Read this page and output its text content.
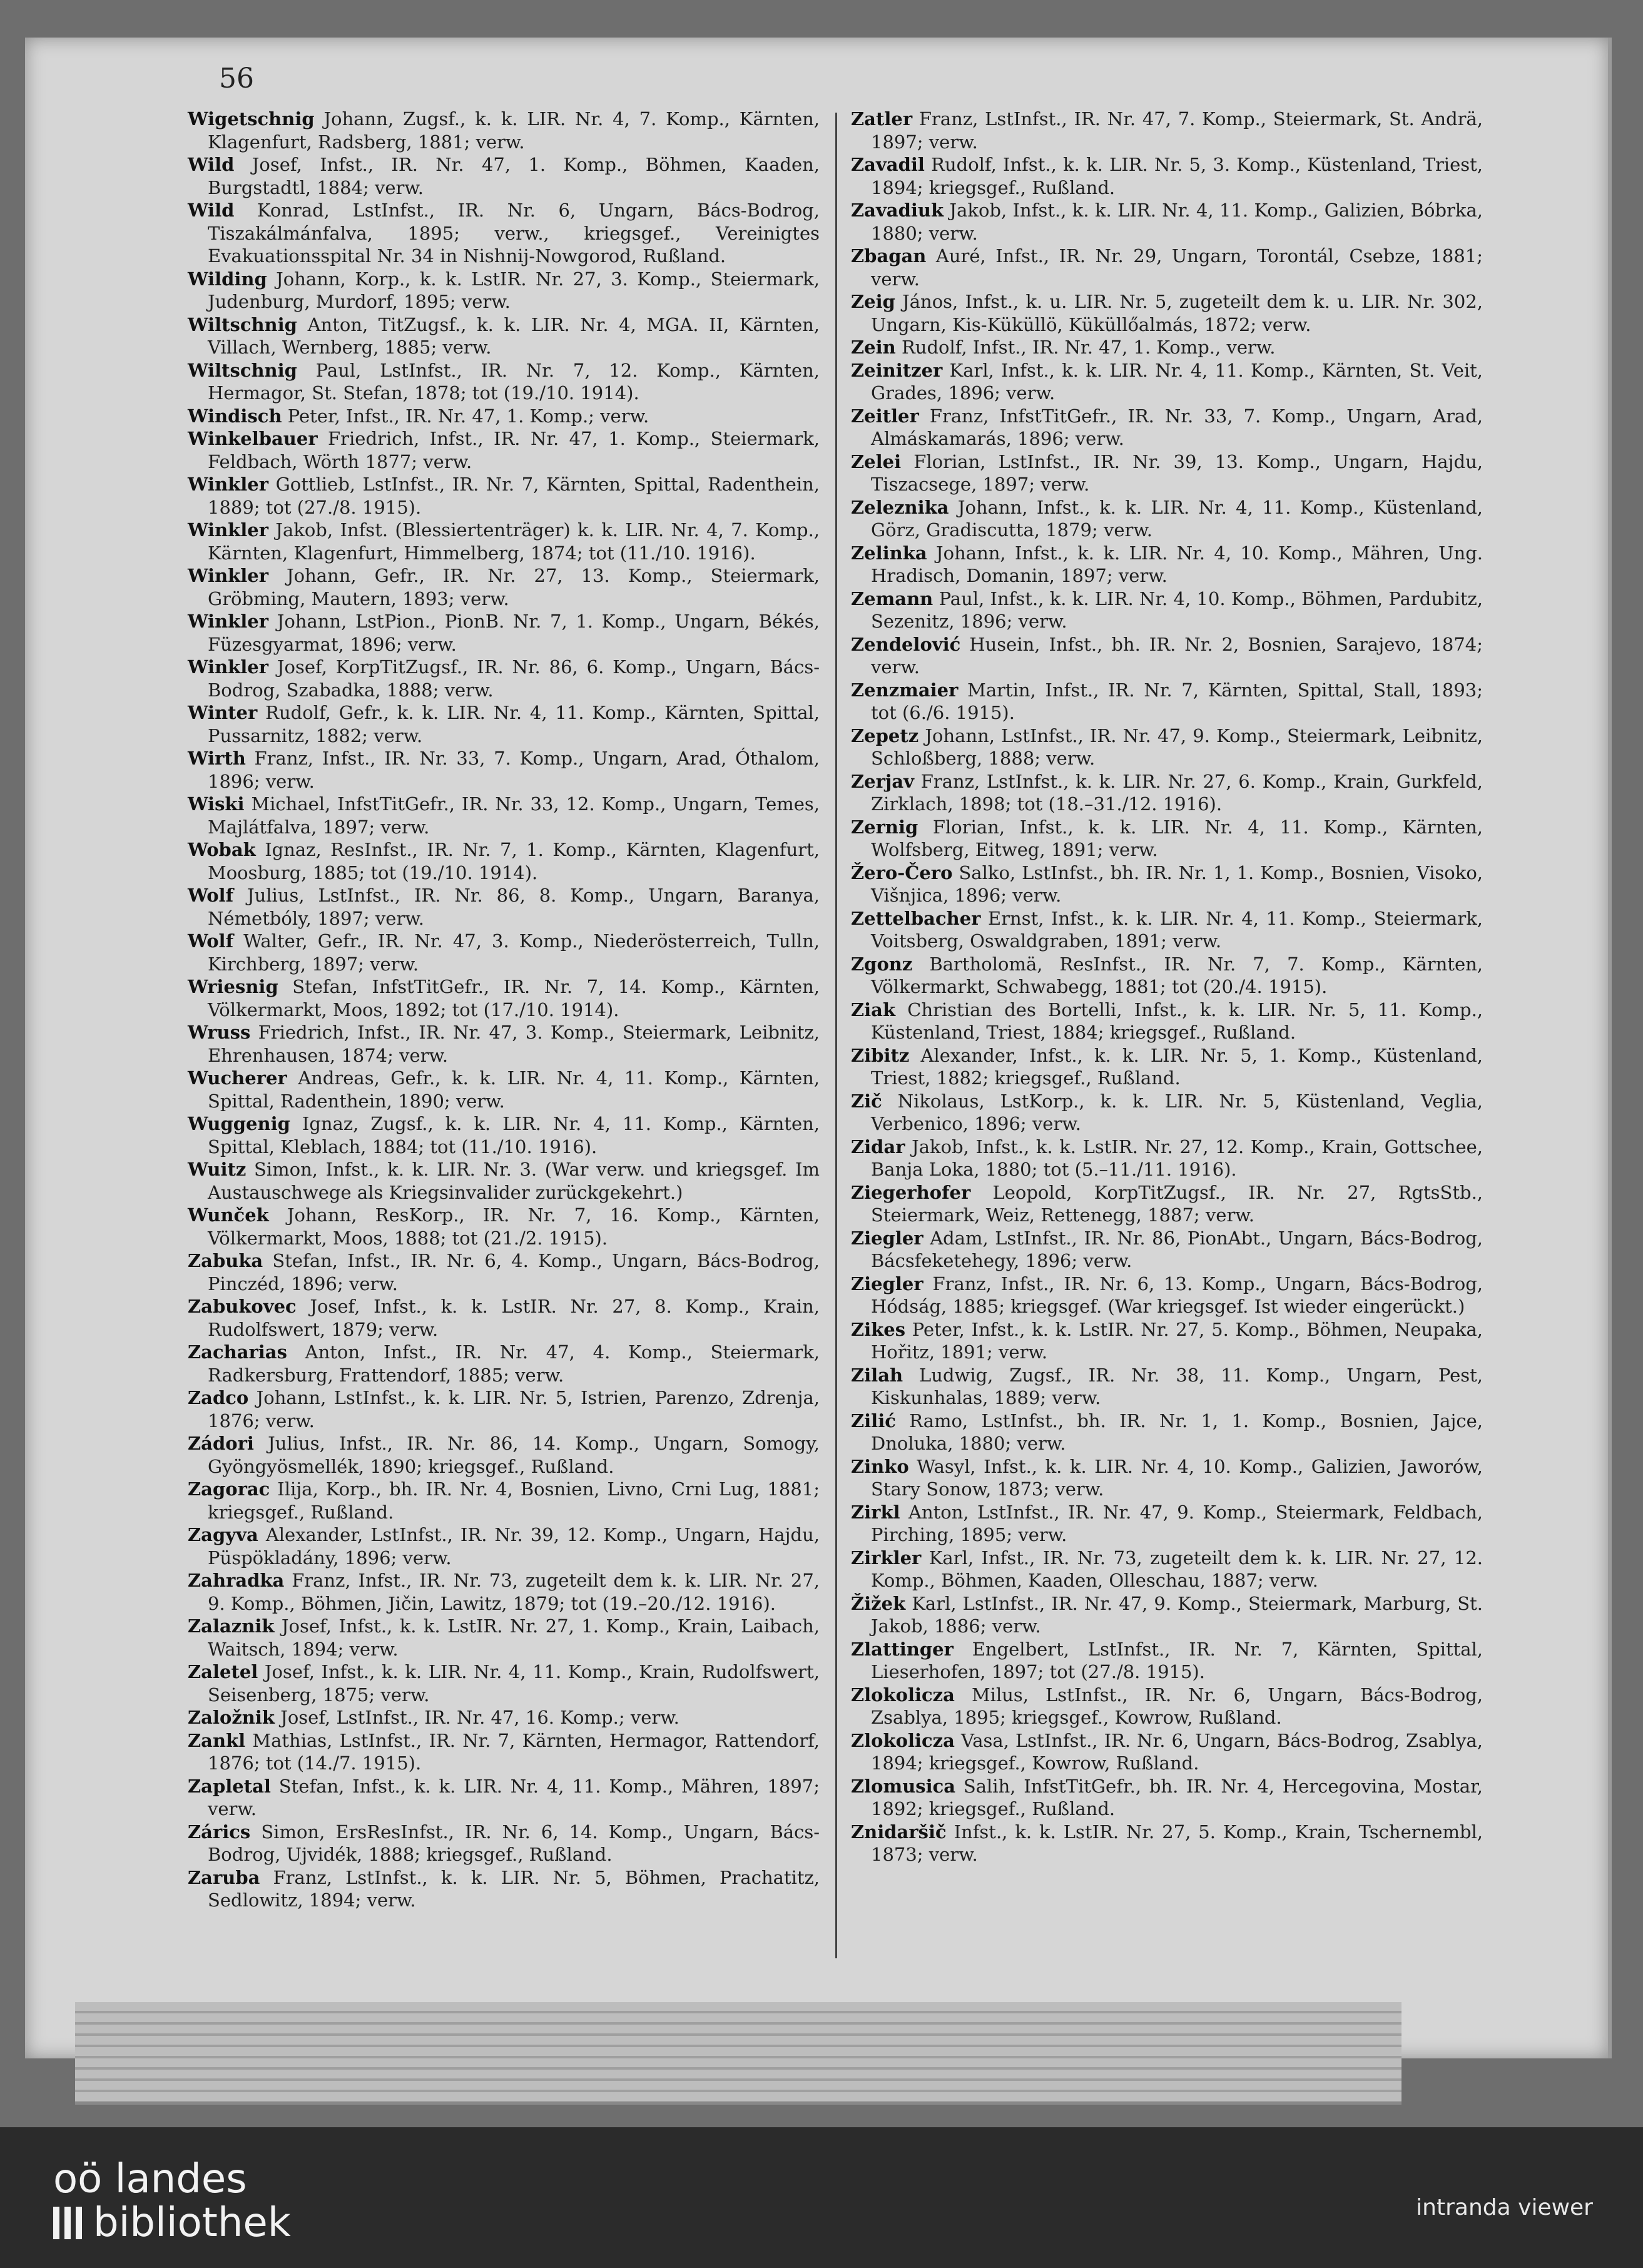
56

Wigetschnig Johann, Zugsf., k. k. LIR. Nr. 4, 7. Komp., Kärnten, Klagenfurt, Radsberg, 1881; verw.

Wild Josef, Infst., IR. Nr. 47, 1. Komp., Böhmen, Kaaden, Burgstadtl, 1884; verw.

Wild Konrad, LstInfst., IR. Nr. 6, Ungarn, Bács-Bodrog, Tiszakálmánfalva, 1895; verw., kriegsgef., Vereinigtes Evakuationsspital Nr. 34 in Nishnij-Nowgorod, Rußland.

Wilding Johann, Korp., k. k. LstIR. Nr. 27, 3. Komp., Steiermark, Judenburg, Murdorf, 1895; verw.

Wiltschnig Anton, TitZugsf., k. k. LIR. Nr. 4, MGA. II, Kärnten, Villach, Wernberg, 1885; verw.

Wiltschnig Paul, LstInfst., IR. Nr. 7, 12. Komp., Kärnten, Hermagor, St. Stefan, 1878; tot (19./10. 1914).

Windisch Peter, Infst., IR. Nr. 47, 1. Komp.; verw.

Winkelbauer Friedrich, Infst., IR. Nr. 47, 1. Komp., Steiermark, Feldbach, Wörth 1877; verw.

Winkler Gottlieb, LstInfst., IR. Nr. 7, Kärnten, Spittal, Radenthein, 1889; tot (27./8. 1915).

Winkler Jakob, Infst. (Blessiertenträger) k. k. LIR. Nr. 4, 7. Komp., Kärnten, Klagenfurt, Himmelberg, 1874; tot (11./10. 1916).

Winkler Johann, Gefr., IR. Nr. 27, 13. Komp., Steiermark, Gröbming, Mautern, 1893; verw.

Winkler Johann, LstPion., PionB. Nr. 7, 1. Komp., Ungarn, Békés, Füzesgyarmat, 1896; verw.

Winkler Josef, KorpTitZugsf., IR. Nr. 86, 6. Komp., Ungarn, Bács-Bodrog, Szabadka, 1888; verw.

Winter Rudolf, Gefr., k. k. LIR. Nr. 4, 11. Komp., Kärnten, Spittal, Pussarnitz, 1882; verw.

Wirth Franz, Infst., IR. Nr. 33, 7. Komp., Ungarn, Arad, Óthalom, 1896; verw.

Wiski Michael, InfstTitGefr., IR. Nr. 33, 12. Komp., Ungarn, Temes, Majlátfalva, 1897; verw.

Wobak Ignaz, ResInfst., IR. Nr. 7, 1. Komp., Kärnten, Klagenfurt, Moosburg, 1885; tot (19./10. 1914).

Wolf Julius, LstInfst., IR. Nr. 86, 8. Komp., Ungarn, Baranya, Németbóly, 1897; verw.

Wolf Walter, Gefr., IR. Nr. 47, 3. Komp., Niederösterreich, Tulln, Kirchberg, 1897; verw.

Wriesnig Stefan, InfstTitGefr., IR. Nr. 7, 14. Komp., Kärnten, Völkermarkt, Moos, 1892; tot (17./10. 1914).

Wruss Friedrich, Infst., IR. Nr. 47, 3. Komp., Steiermark, Leibnitz, Ehrenhausen, 1874; verw.

Wucherer Andreas, Gefr., k. k. LIR. Nr. 4, 11. Komp., Kärnten, Spittal, Radenthein, 1890; verw.

Wuggenig Ignaz, Zugsf., k. k. LIR. Nr. 4, 11. Komp., Kärnten, Spittal, Kleblach, 1884; tot (11./10. 1916).

Wuitz Simon, Infst., k. k. LIR. Nr. 3. (War verw. und kriegsgef. Im Austauschwege als Kriegsinvalider zurückgekehrt.)

Wunček Johann, ResKorp., IR. Nr. 7, 16. Komp., Kärnten, Völkermarkt, Moos, 1888; tot (21./2. 1915).

Zabuka Stefan, Infst., IR. Nr. 6, 4. Komp., Ungarn, Bács-Bodrog, Pinczéd, 1896; verw.

Zabukovec Josef, Infst., k. k. LstIR. Nr. 27, 8. Komp., Krain, Rudolfswert, 1879; verw.

Zacharias Anton, Infst., IR. Nr. 47, 4. Komp., Steiermark, Radkersburg, Frattendorf, 1885; verw.

Zadco Johann, LstInfst., k. k. LIR. Nr. 5, Istrien, Parenzo, Zdrenja, 1876; verw.

Zádori Julius, Infst., IR. Nr. 86, 14. Komp., Ungarn, Somogy, Gyöngyösmellék, 1890; kriegsgef., Rußland.

Zagorac Ilija, Korp., bh. IR. Nr. 4, Bosnien, Livno, Crni Lug, 1881; kriegsgef., Rußland.

Zagyva Alexander, LstInfst., IR. Nr. 39, 12. Komp., Ungarn, Hajdu, Püspökladány, 1896; verw.

Zahradka Franz, Infst., IR. Nr. 73, zugeteilt dem k. k. LIR. Nr. 27, 9. Komp., Böhmen, Jičin, Lawitz, 1879; tot (19.–20./12. 1916).

Zalaznik Josef, Infst., k. k. LstIR. Nr. 27, 1. Komp., Krain, Laibach, Waitsch, 1894; verw.

Zaletel Josef, Infst., k. k. LIR. Nr. 4, 11. Komp., Krain, Rudolfswert, Seisenberg, 1875; verw.

Založnik Josef, LstInfst., IR. Nr. 47, 16. Komp.; verw.

Zankl Mathias, LstInfst., IR. Nr. 7, Kärnten, Hermagor, Rattendorf, 1876; tot (14./7. 1915).

Zapletal Stefan, Infst., k. k. LIR. Nr. 4, 11. Komp., Mähren, 1897; verw.

Zárics Simon, ErsResInfst., IR. Nr. 6, 14. Komp., Ungarn, Bács-Bodrog, Ujvidék, 1888; kriegsgef., Rußland.

Zaruba Franz, LstInfst., k. k. LIR. Nr. 5, Böhmen, Prachatitz, Sedlowitz, 1894; verw.

Zatler Franz, LstInfst., IR. Nr. 47, 7. Komp., Steiermark, St. Andrä, 1897; verw.

Zavadil Rudolf, Infst., k. k. LIR. Nr. 5, 3. Komp., Küstenland, Triest, 1894; kriegsgef., Rußland.

Zavadiuk Jakob, Infst., k. k. LIR. Nr. 4, 11. Komp., Galizien, Bóbrka, 1880; verw.

Zbagan Auré, Infst., IR. Nr. 29, Ungarn, Torontál, Csebze, 1881; verw.

Zeig János, Infst., k. u. LIR. Nr. 5, zugeteilt dem k. u. LIR. Nr. 302, Ungarn, Kis-Küküllö, Küküllőalmás, 1872; verw.

Zein Rudolf, Infst., IR. Nr. 47, 1. Komp., verw.

Zeinitzer Karl, Infst., k. k. LIR. Nr. 4, 11. Komp., Kärnten, St. Veit, Grades, 1896; verw.

Zeitler Franz, InfstTitGefr., IR. Nr. 33, 7. Komp., Ungarn, Arad, Almáskamarás, 1896; verw.

Zelei Florian, LstInfst., IR. Nr. 39, 13. Komp., Ungarn, Hajdu, Tiszacsege, 1897; verw.

Zeleznika Johann, Infst., k. k. LIR. Nr. 4, 11. Komp., Küstenland, Görz, Gradiscutta, 1879; verw.

Zelinka Johann, Infst., k. k. LIR. Nr. 4, 10. Komp., Mähren, Ung. Hradisch, Domanin, 1897; verw.

Zemann Paul, Infst., k. k. LIR. Nr. 4, 10. Komp., Böhmen, Pardubitz, Sezenitz, 1896; verw.

Zendelović Husein, Infst., bh. IR. Nr. 2, Bosnien, Sarajevo, 1874; verw.

Zenzmaier Martin, Infst., IR. Nr. 7, Kärnten, Spittal, Stall, 1893; tot (6./6. 1915).

Zepetz Johann, LstInfst., IR. Nr. 47, 9. Komp., Steiermark, Leibnitz, Schloßberg, 1888; verw.

Zerjav Franz, LstInfst., k. k. LIR. Nr. 27, 6. Komp., Krain, Gurkfeld, Zirklach, 1898; tot (18.–31./12. 1916).

Zernig Florian, Infst., k. k. LIR. Nr. 4, 11. Komp., Kärnten, Wolfsberg, Eitweg, 1891; verw.

Žero-Čero Salko, LstInfst., bh. IR. Nr. 1, 1. Komp., Bosnien, Visoko, Višnjica, 1896; verw.

Zettelbacher Ernst, Infst., k. k. LIR. Nr. 4, 11. Komp., Steiermark, Voitsberg, Oswaldgraben, 1891; verw.

Zgonz Bartholomä, ResInfst., IR. Nr. 7, 7. Komp., Kärnten, Völkermarkt, Schwabegg, 1881; tot (20./4. 1915).

Ziak Christian des Bortelli, Infst., k. k. LIR. Nr. 5, 11. Komp., Küstenland, Triest, 1884; kriegsgef., Rußland.

Zibitz Alexander, Infst., k. k. LIR. Nr. 5, 1. Komp., Küstenland, Triest, 1882; kriegsgef., Rußland.

Zič Nikolaus, LstKorp., k. k. LIR. Nr. 5, Küstenland, Veglia, Verbenico, 1896; verw.

Zidar Jakob, Infst., k. k. LstIR. Nr. 27, 12. Komp., Krain, Gottschee, Banja Loka, 1880; tot (5.–11./11. 1916).

Ziegerhofer Leopold, KorpTitZugsf., IR. Nr. 27, RgtsStb., Steiermark, Weiz, Rettenegg, 1887; verw.

Ziegler Adam, LstInfst., IR. Nr. 86, PionAbt., Ungarn, Bács-Bodrog, Bácsfeketehegy, 1896; verw.

Ziegler Franz, Infst., IR. Nr. 6, 13. Komp., Ungarn, Bács-Bodrog, Hódság, 1885; kriegsgef. (War kriegsgef. Ist wieder eingerückt.)

Zikes Peter, Infst., k. k. LstIR. Nr. 27, 5. Komp., Böhmen, Neupaka, Hořitz, 1891; verw.

Zilah Ludwig, Zugsf., IR. Nr. 38, 11. Komp., Ungarn, Pest, Kiskunhalas, 1889; verw.

Zilić Ramo, LstInfst., bh. IR. Nr. 1, 1. Komp., Bosnien, Jajce, Dnoluka, 1880; verw.

Zinko Wasyl, Infst., k. k. LIR. Nr. 4, 10. Komp., Galizien, Jaworów, Stary Sonow, 1873; verw.

Zirkl Anton, LstInfst., IR. Nr. 47, 9. Komp., Steiermark, Feldbach, Pirching, 1895; verw.

Zirkler Karl, Infst., IR. Nr. 73, zugeteilt dem k. k. LIR. Nr. 27, 12. Komp., Böhmen, Kaaden, Olleschau, 1887; verw.

Žižek Karl, LstInfst., IR. Nr. 47, 9. Komp., Steiermark, Marburg, St. Jakob, 1886; verw.

Zlattinger Engelbert, LstInfst., IR. Nr. 7, Kärnten, Spittal, Lieserhofen, 1897; tot (27./8. 1915).

Zlokolicza Milus, LstInfst., IR. Nr. 6, Ungarn, Bács-Bodrog, Zsablya, 1895; kriegsgef., Kowrow, Rußland.

Zlokolicza Vasa, LstInfst., IR. Nr. 6, Ungarn, Bács-Bodrog, Zsablya, 1894; kriegsgef., Kowrow, Rußland.

Zlomusica Salih, InfstTitGefr., bh. IR. Nr. 4, Hercegovina, Mostar, 1892; kriegsgef., Rußland.

Znidaršič Infst., k. k. LstIR. Nr. 27, 5. Komp., Krain, Tschernembl, 1873; verw.

oö landes
bibliothek	intranda viewer
